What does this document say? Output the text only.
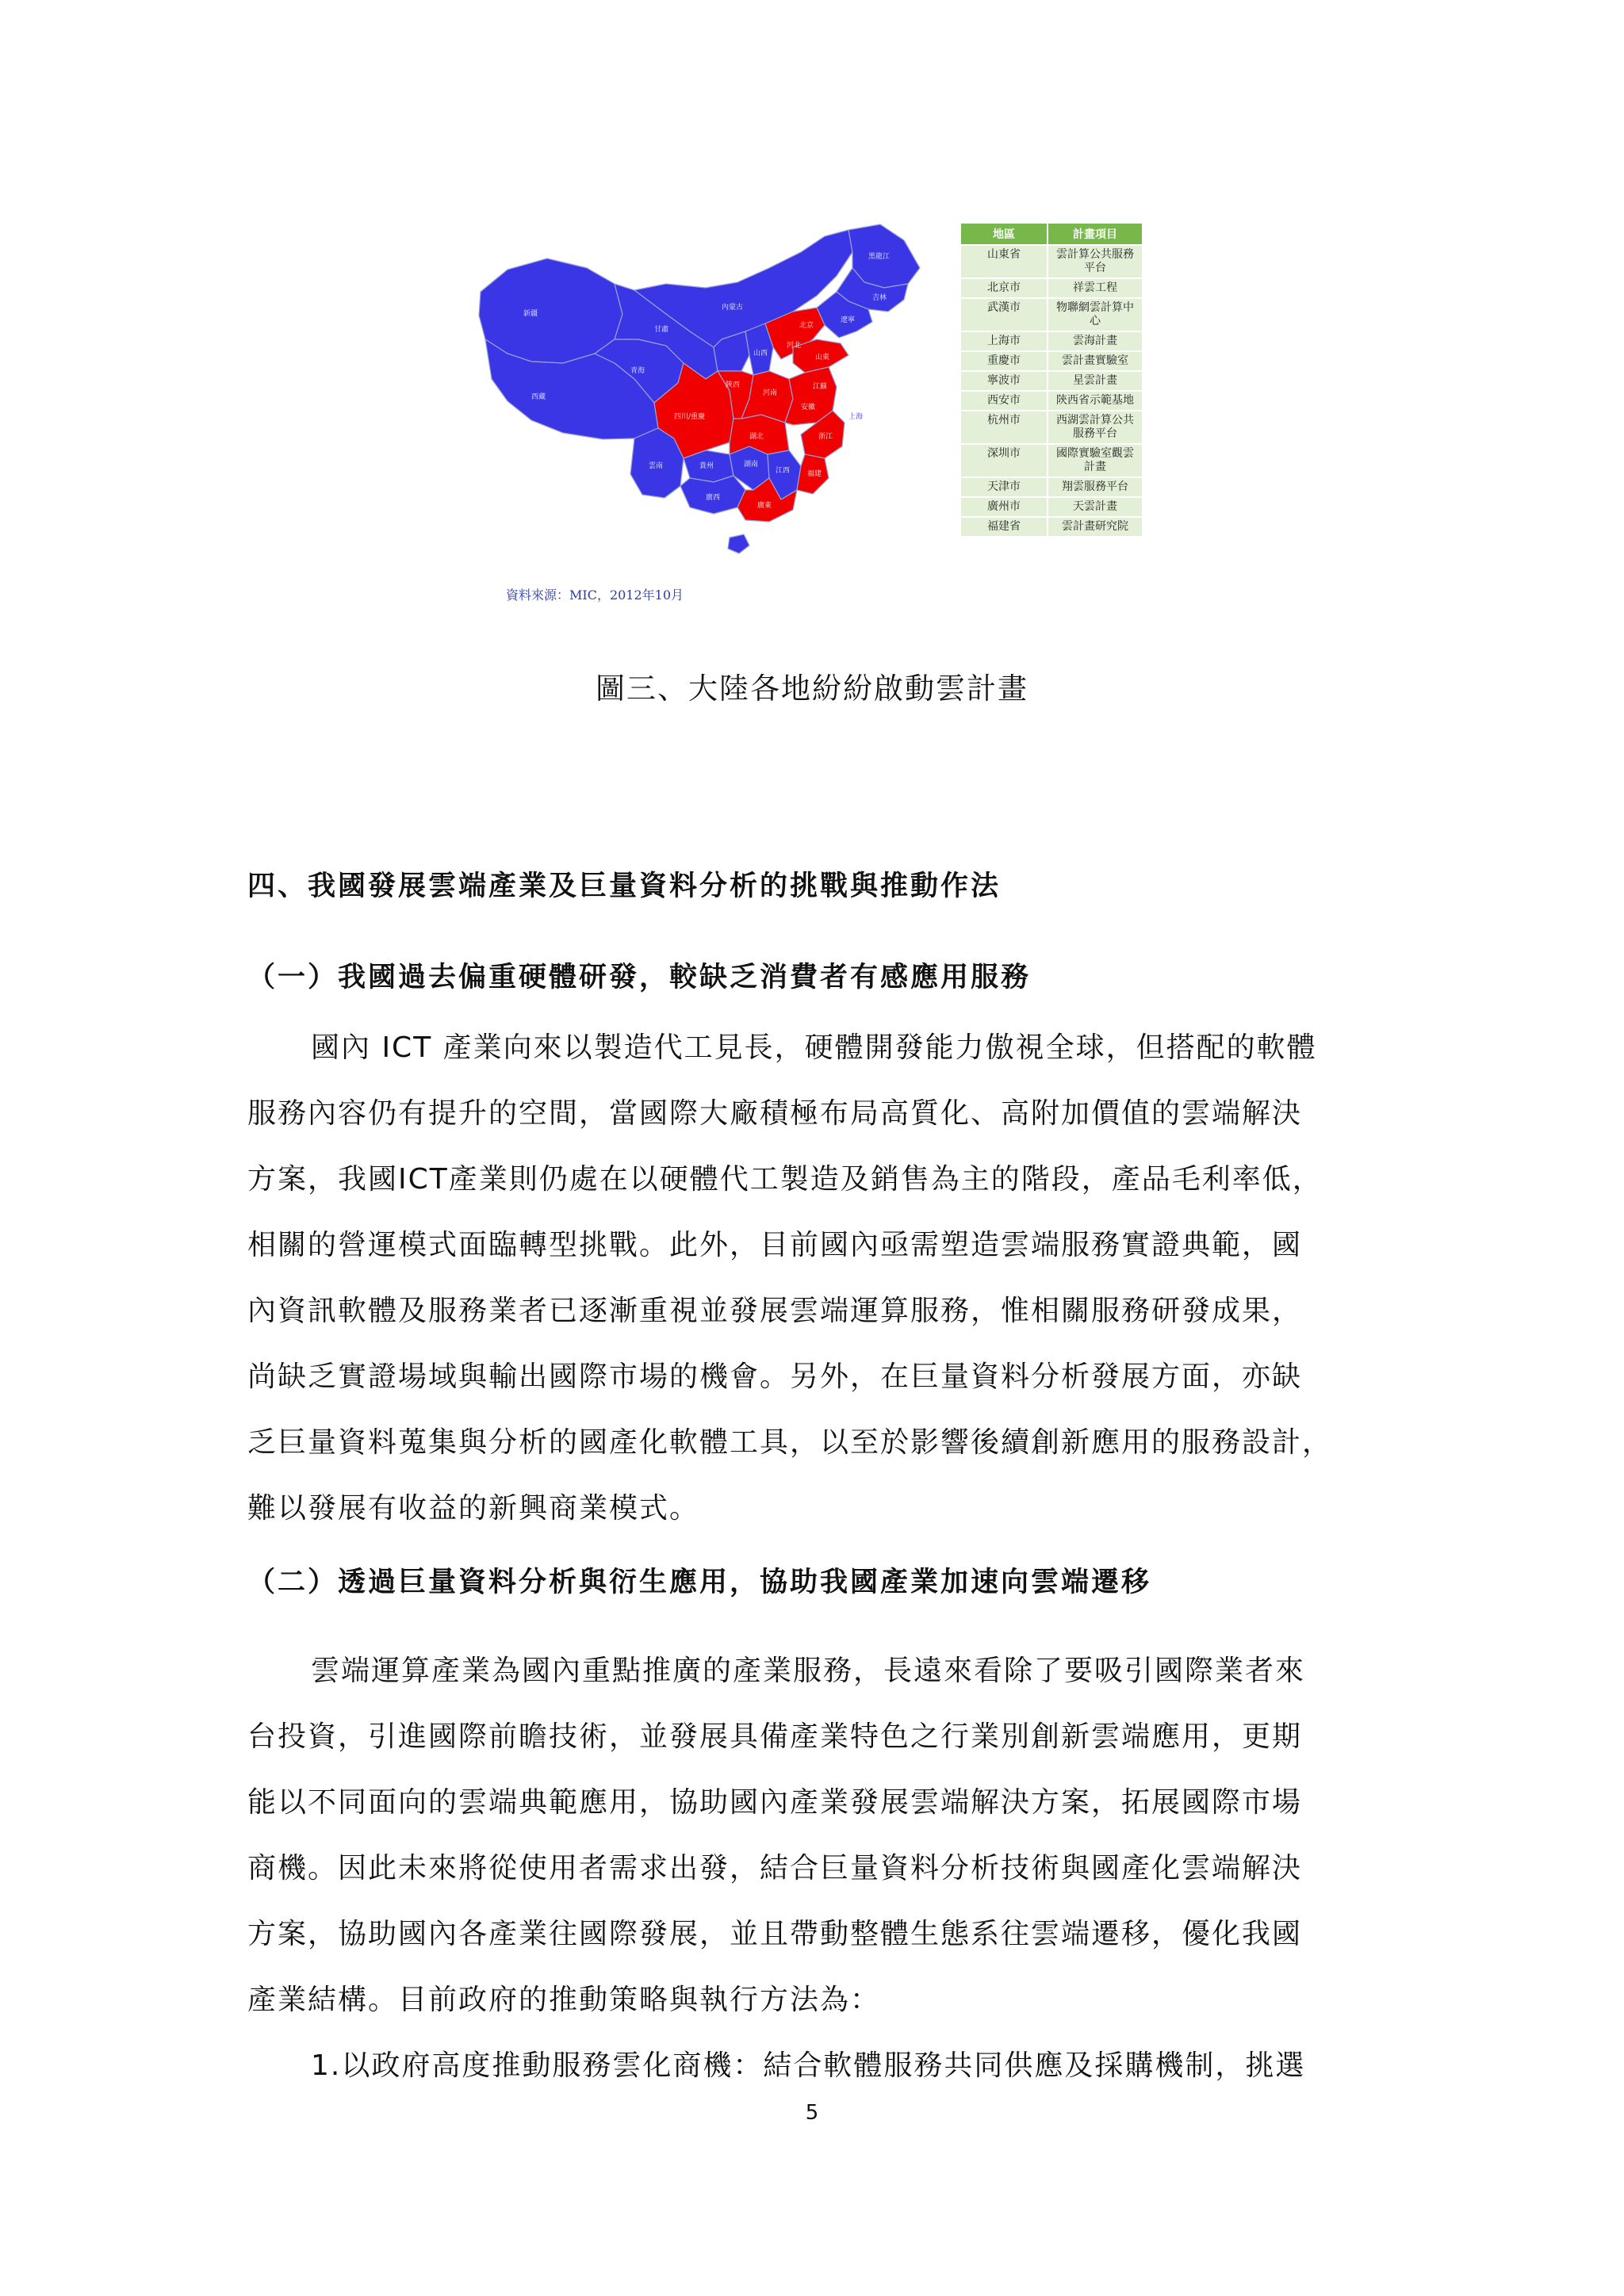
新疆
西藏
青海
甘肅
內蒙古
黑龍江
吉林
遼寧
北京
河北
山西	山東
陝西
河南
江蘇
四川/重慶
湖北
安徽
上海
貴州	湖南
江西
浙江
雲南
廣西
廣東
福建
資料來源：MIC，2012年10月
地區	計畫項目
山東省	雲計算公共服務平台
北京市	祥雲工程
武漢市	物聯網雲計算中心
上海市	雲海計畫
重慶市	雲計畫實驗室
寧波市	星雲計畫
西安市	陝西省示範基地
杭州市	西湖雲計算公共服務平台
深圳市	國際實驗室觀雲計畫
天津市	翔雲服務平台
廣州市	天雲計畫
福建省	雲計畫研究院
圖三、大陸各地紛紛啟動雲計畫
四、我國發展雲端產業及巨量資料分析的挑戰與推動作法
（一）我國過去偏重硬體研發，較缺乏消費者有感應用服務
國內 ICT 產業向來以製造代工見長，硬體開發能力傲視全球，但搭配的軟體
服務內容仍有提升的空間，當國際大廠積極布局高質化、高附加價值的雲端解決
方案，我國ICT產業則仍處在以硬體代工製造及銷售為主的階段，產品毛利率低，
相關的營運模式面臨轉型挑戰。此外，目前國內亟需塑造雲端服務實證典範，國
內資訊軟體及服務業者已逐漸重視並發展雲端運算服務，惟相關服務研發成果，
尚缺乏實證場域與輸出國際市場的機會。另外，在巨量資料分析發展方面，亦缺
乏巨量資料蒐集與分析的國產化軟體工具，以至於影響後續創新應用的服務設計，
難以發展有收益的新興商業模式。
（二）透過巨量資料分析與衍生應用，協助我國產業加速向雲端遷移
雲端運算產業為國內重點推廣的產業服務，長遠來看除了要吸引國際業者來
台投資，引進國際前瞻技術，並發展具備產業特色之行業別創新雲端應用，更期
能以不同面向的雲端典範應用，協助國內產業發展雲端解決方案，拓展國際市場
商機。因此未來將從使用者需求出發，結合巨量資料分析技術與國產化雲端解決
方案，協助國內各產業往國際發展，並且帶動整體生態系往雲端遷移，優化我國
產業結構。目前政府的推動策略與執行方法為：
1.以政府高度推動服務雲化商機：結合軟體服務共同供應及採購機制，挑選
5
